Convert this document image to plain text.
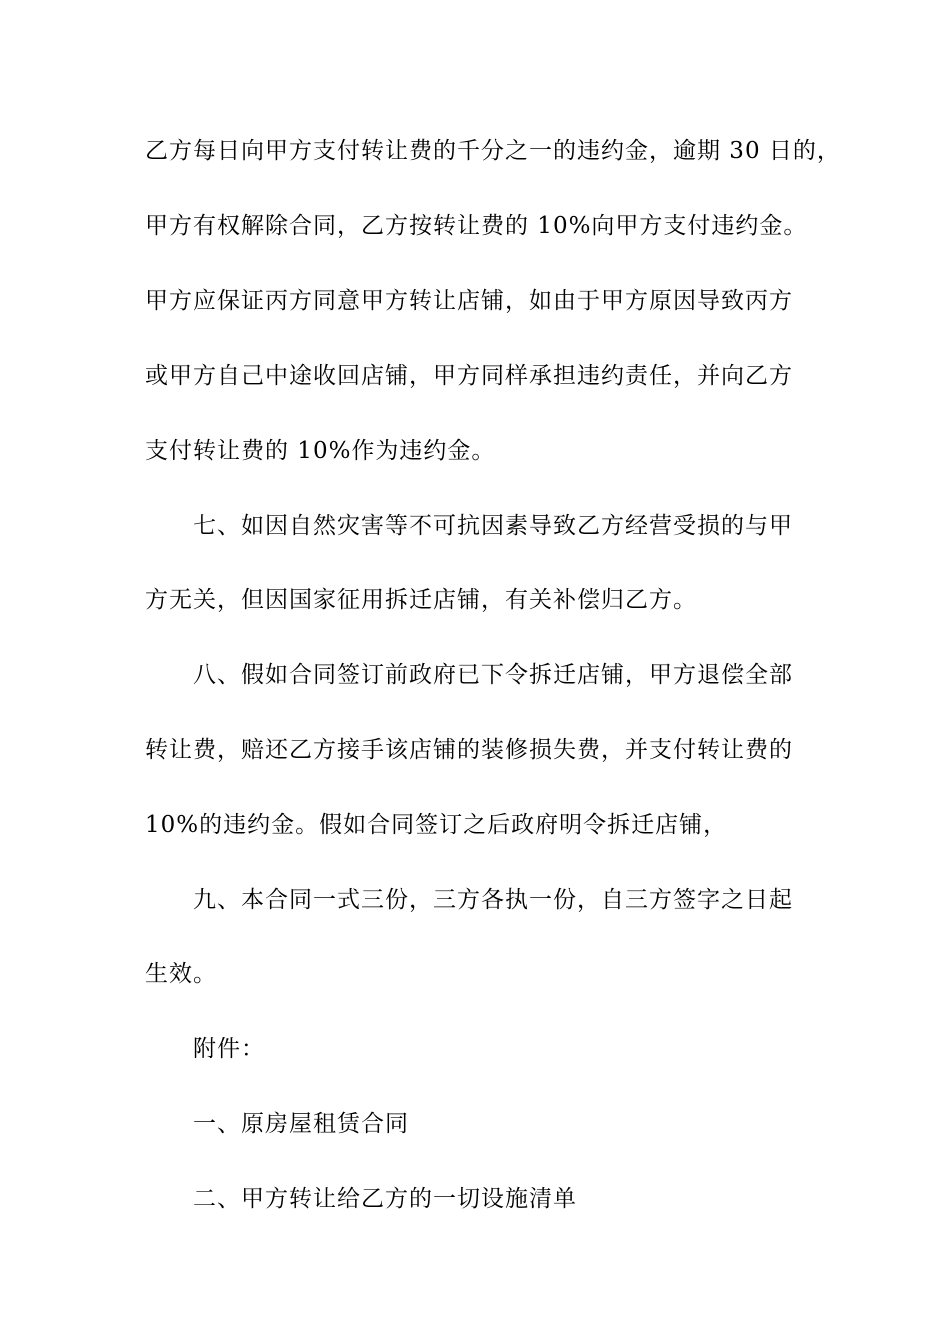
乙方每日向甲方支付转让费的千分之一的违约金，逾期 30 日的，
甲方有权解除合同，乙方按转让费的 10%向甲方支付违约金。
甲方应保证丙方同意甲方转让店铺，如由于甲方原因导致丙方
或甲方自己中途收回店铺，甲方同样承担违约责任，并向乙方
支付转让费的 10%作为违约金。
七、如因自然灾害等不可抗因素导致乙方经营受损的与甲
方无关，但因国家征用拆迁店铺，有关补偿归乙方。
八、假如合同签订前政府已下令拆迁店铺，甲方退偿全部
转让费，赔还乙方接手该店铺的装修损失费，并支付转让费的
10%的违约金。假如合同签订之后政府明令拆迁店铺，
九、本合同一式三份，三方各执一份，自三方签字之日起
生效。
附件：
一、原房屋租赁合同
二、甲方转让给乙方的一切设施清单
